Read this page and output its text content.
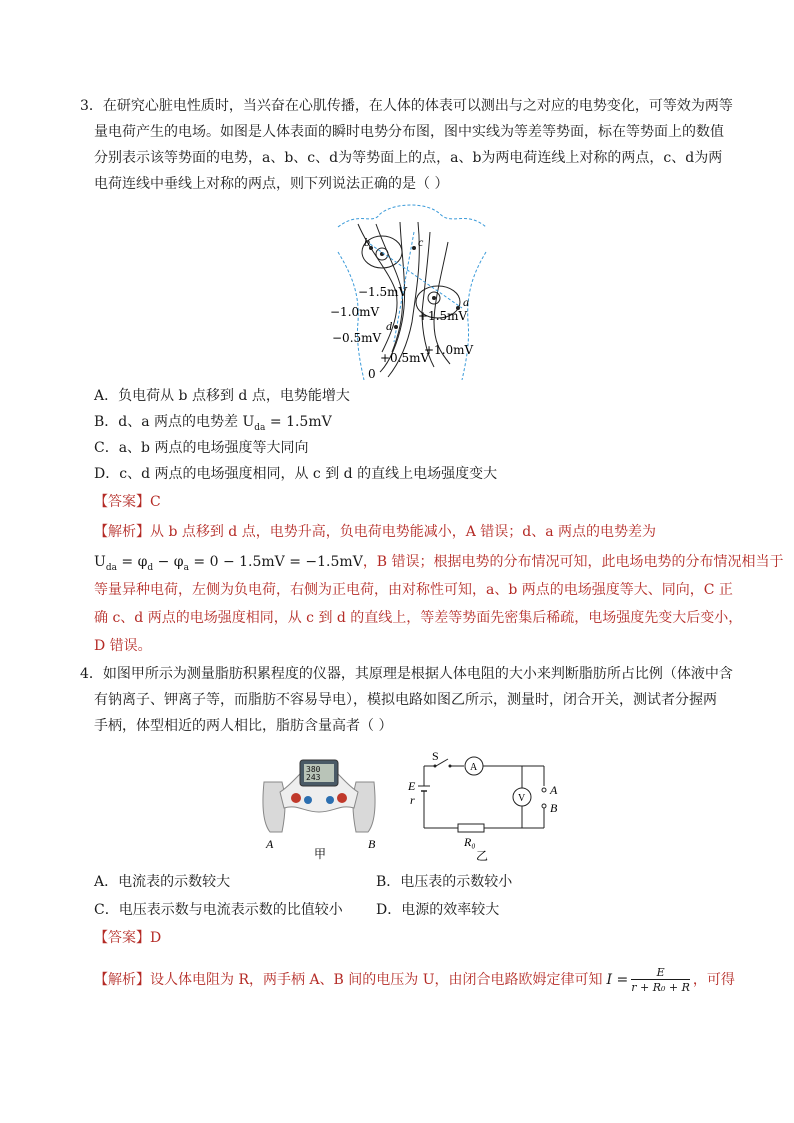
3．在研究心脏电性质时，当兴奋在心肌传播，在人体的体表可以测出与之对应的电势变化，可等效为两等
量电荷产生的电场。如图是人体表面的瞬时电势分布图，图中实线为等差等势面，标在等势面上的数值
分别表示该等势面的电势，a、b、c、d为等势面上的点，a、b为两电荷连线上对称的两点，c、d为两
电荷连线中垂线上对称的两点，则下列说法正确的是（ ）
b
a
c
d
−1.5mV
−1.0mV
−0.5mV
+1.5mV
+1.0mV
+0.5mV
0
A．负电荷从 b 点移到 d 点，电势能增大
B．d、a 两点的电势差 $U_{da} = 1.5mV$
C．a、b 两点的电场强度等大同向
D．c、d 两点的电场强度相同，从 c 到 d 的直线上电场强度变大
【答案】C
【解析】从 b 点移到 d 点，电势升高，负电荷电势能减小，A 错误；d、a 两点的电势差为
$U_{da} = \varphi_d - \varphi_a = 0 - 1.5mV = -1.5mV$，B 错误；根据电势的分布情况可知，此电场电势的分布情况相当于
等量异种电荷，左侧为负电荷，右侧为正电荷，由对称性可知，a、b 两点的电场强度等大、同向，C 正
确 c、d 两点的电场强度相同，从 c 到 d 的直线上，等差等势面先密集后稀疏，电场强度先变大后变小，
D 错误。
4．如图甲所示为测量脂肪积累程度的仪器，其原理是根据人体电阻的大小来判断脂肪所占比例（体液中含
有钠离子、钾离子等，而脂肪不容易导电），模拟电路如图乙所示，测量时，闭合开关，测试者分握两
手柄，体型相近的两人相比，脂肪含量高者（ ）
380
243
A	B
甲
S
A
E
r
R₀
乙
V
A
B
A．电流表的示数较大	B．电压表的示数较小
C．电压表示数与电流表示数的比值较小 D．电源的效率较大
【答案】D
【解析】 设人体电阻为 R，两手柄 A、B 间的电压为 U，由闭合电路欧姆定律可知 $I = \frac{E}{\text{r + R₀ + R}}$ ，可得
